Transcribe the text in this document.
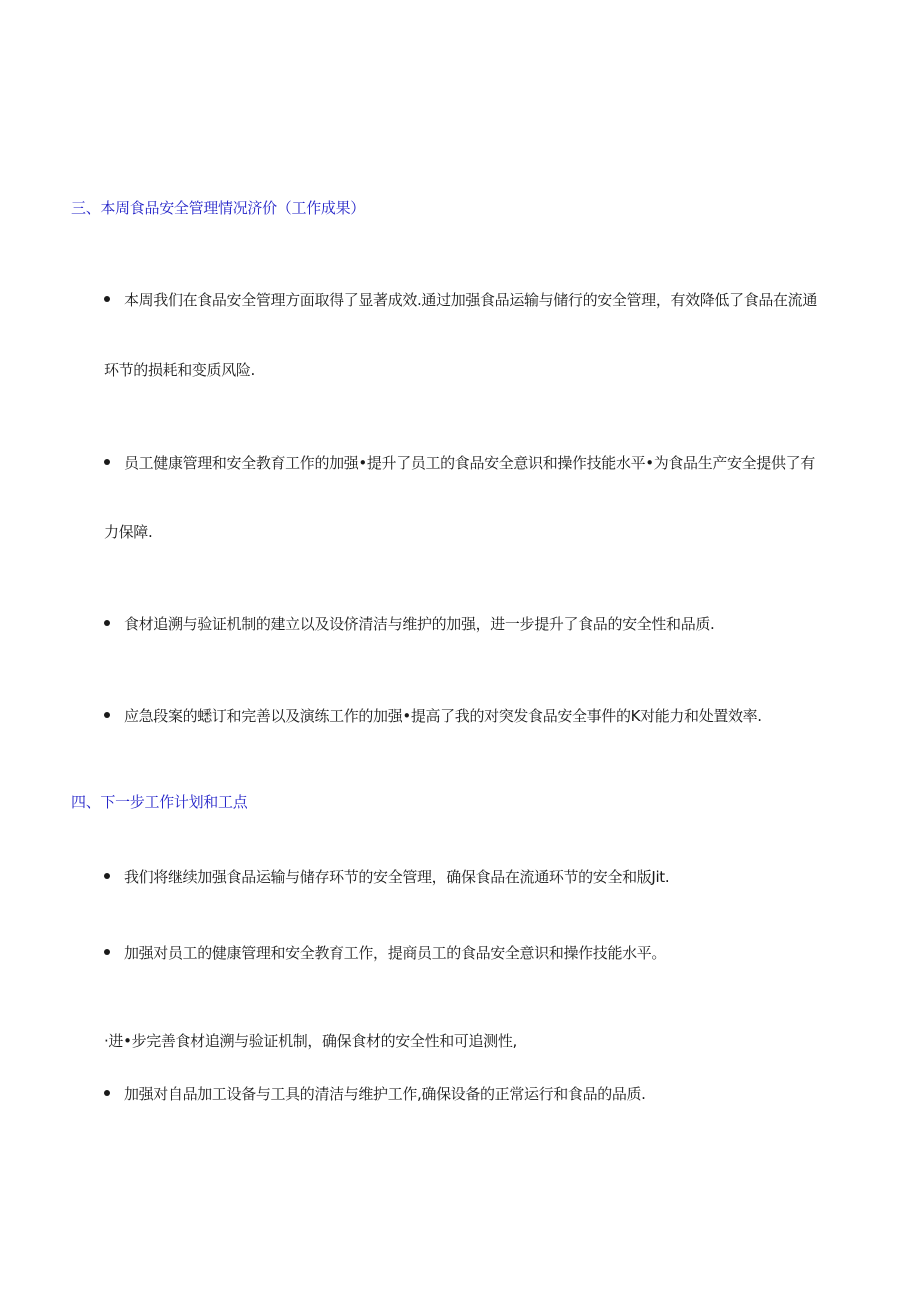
三、本周食品安全管理情况济价（工作成果）
本周我们在食品安全管理方面取得了显著成效.通过加强食品运输与储行的安全管理，有效降低了食品在流通
环节的损耗和变质风险.
员工健康管理和安全教育工作的加强•提升了员工的食品安全意识和操作技能水平•为食品生产安全提供了有
力保障.
食材追溯与验证机制的建立以及设侪清洁与维护的加强，进一步提升了食品的安全性和品质.
应急段案的蟋订和完善以及演练工作的加强•提高了我的对突发食品安全事件的K对能力和处置效率.
四、下一步工作计划和工点
我们将继续加强食品运输与储存环节的安全管理，确保食品在流通环节的安全和版Jit.
加强对员工的健康管理和安全教育工作，提商员工的食品安全意识和操作技能水平。
·进•步完善食材追溯与验证机制，确保食材的安全性和可追测性,
加强对自品加工设备与工具的清洁与维护工作,确保设备的正常运行和食品的品质.
